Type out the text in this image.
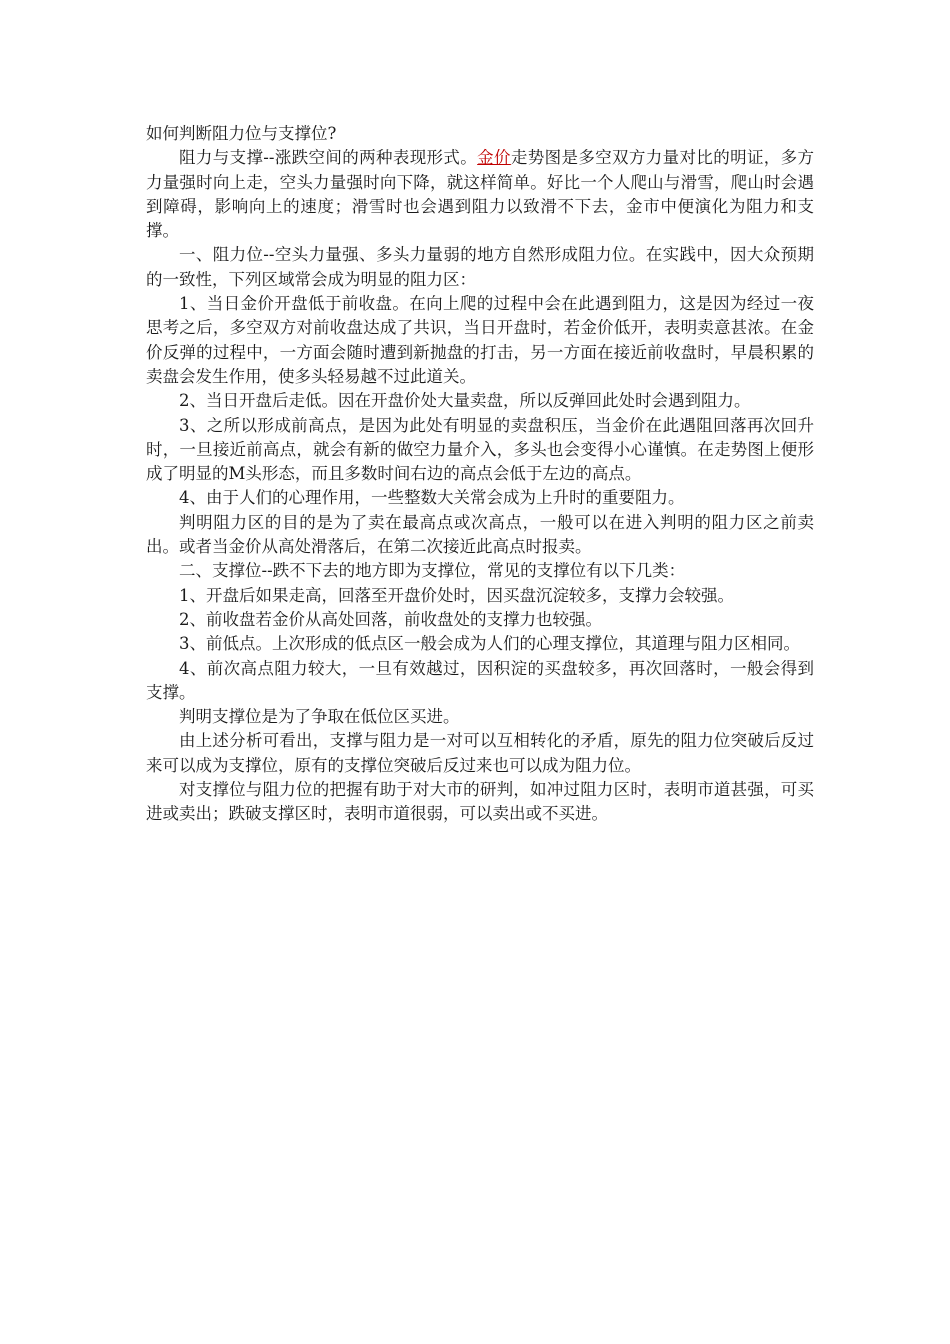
如何判断阻力位与支撑位?

阻力与支撑--涨跌空间的两种表现形式。金价走势图是多空双方力量对比的明证，多方力量强时向上走，空头力量强时向下降，就这样简单。好比一个人爬山与滑雪，爬山时会遇到障碍，影响向上的速度；滑雪时也会遇到阻力以致滑不下去，金市中便演化为阻力和支撑。

一、阻力位--空头力量强、多头力量弱的地方自然形成阻力位。在实践中，因大众预期的一致性，下列区域常会成为明显的阻力区：

1、当日金价开盘低于前收盘。在向上爬的过程中会在此遇到阻力，这是因为经过一夜思考之后，多空双方对前收盘达成了共识，当日开盘时，若金价低开，表明卖意甚浓。在金价反弹的过程中，一方面会随时遭到新抛盘的打击，另一方面在接近前收盘时，早晨积累的卖盘会发生作用，使多头轻易越不过此道关。

2、当日开盘后走低。因在开盘价处大量卖盘，所以反弹回此处时会遇到阻力。

3、之所以形成前高点，是因为此处有明显的卖盘积压，当金价在此遇阻回落再次回升时，一旦接近前高点，就会有新的做空力量介入，多头也会变得小心谨慎。在走势图上便形成了明显的M头形态，而且多数时间右边的高点会低于左边的高点。

4、由于人们的心理作用，一些整数大关常会成为上升时的重要阻力。

判明阻力区的目的是为了卖在最高点或次高点，一般可以在进入判明的阻力区之前卖出。或者当金价从高处滑落后，在第二次接近此高点时报卖。

二、支撑位--跌不下去的地方即为支撑位，常见的支撑位有以下几类：

1、开盘后如果走高，回落至开盘价处时，因买盘沉淀较多，支撑力会较强。

2、前收盘若金价从高处回落，前收盘处的支撑力也较强。

3、前低点。上次形成的低点区一般会成为人们的心理支撑位，其道理与阻力区相同。

4、前次高点阻力较大，一旦有效越过，因积淀的买盘较多，再次回落时，一般会得到支撑。

判明支撑位是为了争取在低位区买进。

由上述分析可看出，支撑与阻力是一对可以互相转化的矛盾，原先的阻力位突破后反过来可以成为支撑位，原有的支撑位突破后反过来也可以成为阻力位。

对支撑位与阻力位的把握有助于对大市的研判，如冲过阻力区时，表明市道甚强，可买进或卖出；跌破支撑区时，表明市道很弱，可以卖出或不买进。
